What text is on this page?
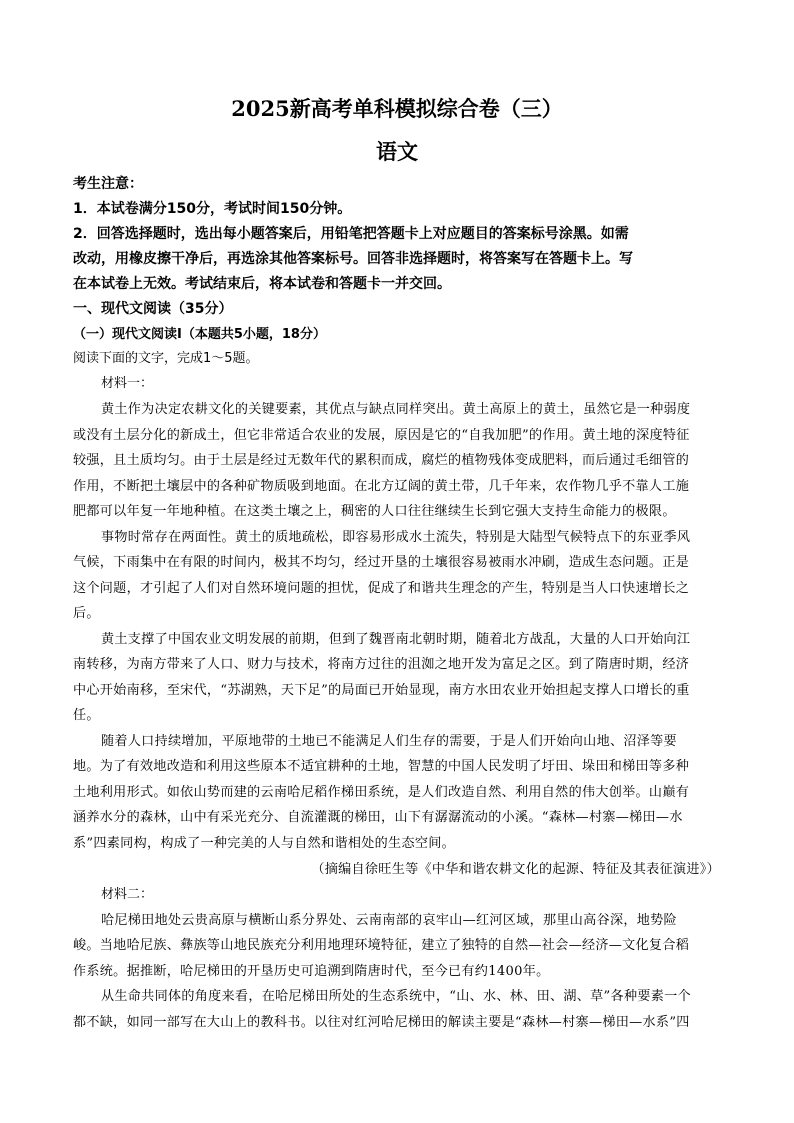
2025新高考单科模拟综合卷（三）
语文
考生注意：
1．本试卷满分150分，考试时间150分钟。
2．回答选择题时，选出每小题答案后，用铅笔把答题卡上对应题目的答案标号涂黑。如需
改动，用橡皮擦干净后，再选涂其他答案标号。回答非选择题时，将答案写在答题卡上。写
在本试卷上无效。考试结束后，将本试卷和答题卡一并交回。
一、现代文阅读（35分）
（一）现代文阅读Ⅰ（本题共5小题，18分）
阅读下面的文字，完成1～5题。
材料一：
黄土作为决定农耕文化的关键要素，其优点与缺点同样突出。黄土高原上的黄土，虽然它是一种弱度
或没有土层分化的新成土，但它非常适合农业的发展，原因是它的“自我加肥”的作用。黄土地的深度特征
较强，且土质均匀。由于土层是经过无数年代的累积而成，腐烂的植物残体变成肥料，而后通过毛细管的
作用，不断把土壤层中的各种矿物质吸到地面。在北方辽阔的黄土带，几千年来，农作物几乎不靠人工施
肥都可以年复一年地种植。在这类土壤之上，稠密的人口往往继续生长到它强大支持生命能力的极限。
事物时常存在两面性。黄土的质地疏松，即容易形成水土流失，特别是大陆型气候特点下的东亚季风
气候，下雨集中在有限的时间内，极其不均匀，经过开垦的土壤很容易被雨水冲刷，造成生态问题。正是
这个问题，才引起了人们对自然环境问题的担忧，促成了和谐共生理念的产生，特别是当人口快速增长之
后。
黄土支撑了中国农业文明发展的前期，但到了魏晋南北朝时期，随着北方战乱，大量的人口开始向江
南转移，为南方带来了人口、财力与技术，将南方过往的沮洳之地开发为富足之区。到了隋唐时期，经济
中心开始南移，至宋代，“苏湖熟，天下足”的局面已开始显现，南方水田农业开始担起支撑人口增长的重
任。
随着人口持续增加，平原地带的土地已不能满足人们生存的需要，于是人们开始向山地、沼泽等要
地。为了有效地改造和利用这些原本不适宜耕种的土地，智慧的中国人民发明了圩田、垛田和梯田等多种
土地利用形式。如依山势而建的云南哈尼稻作梯田系统，是人们改造自然、利用自然的伟大创举。山巅有
涵养水分的森林，山中有采光充分、自流灌溉的梯田，山下有潺潺流动的小溪。“森林—村寨—梯田—水
系”四素同构，构成了一种完美的人与自然和谐相处的生态空间。
（摘编自徐旺生等《中华和谐农耕文化的起源、特征及其表征演进》）
材料二：
哈尼梯田地处云贵高原与横断山系分界处、云南南部的哀牢山—红河区域，那里山高谷深，地势险
峻。当地哈尼族、彝族等山地民族充分利用地理环境特征，建立了独特的自然—社会—经济—文化复合稻
作系统。据推断，哈尼梯田的开垦历史可追溯到隋唐时代，至今已有约1400年。
从生命共同体的角度来看，在哈尼梯田所处的生态系统中，“山、水、林、田、湖、草”各种要素一个
都不缺，如同一部写在大山上的教科书。以往对红河哈尼梯田的解读主要是“森林—村寨—梯田—水系”四
